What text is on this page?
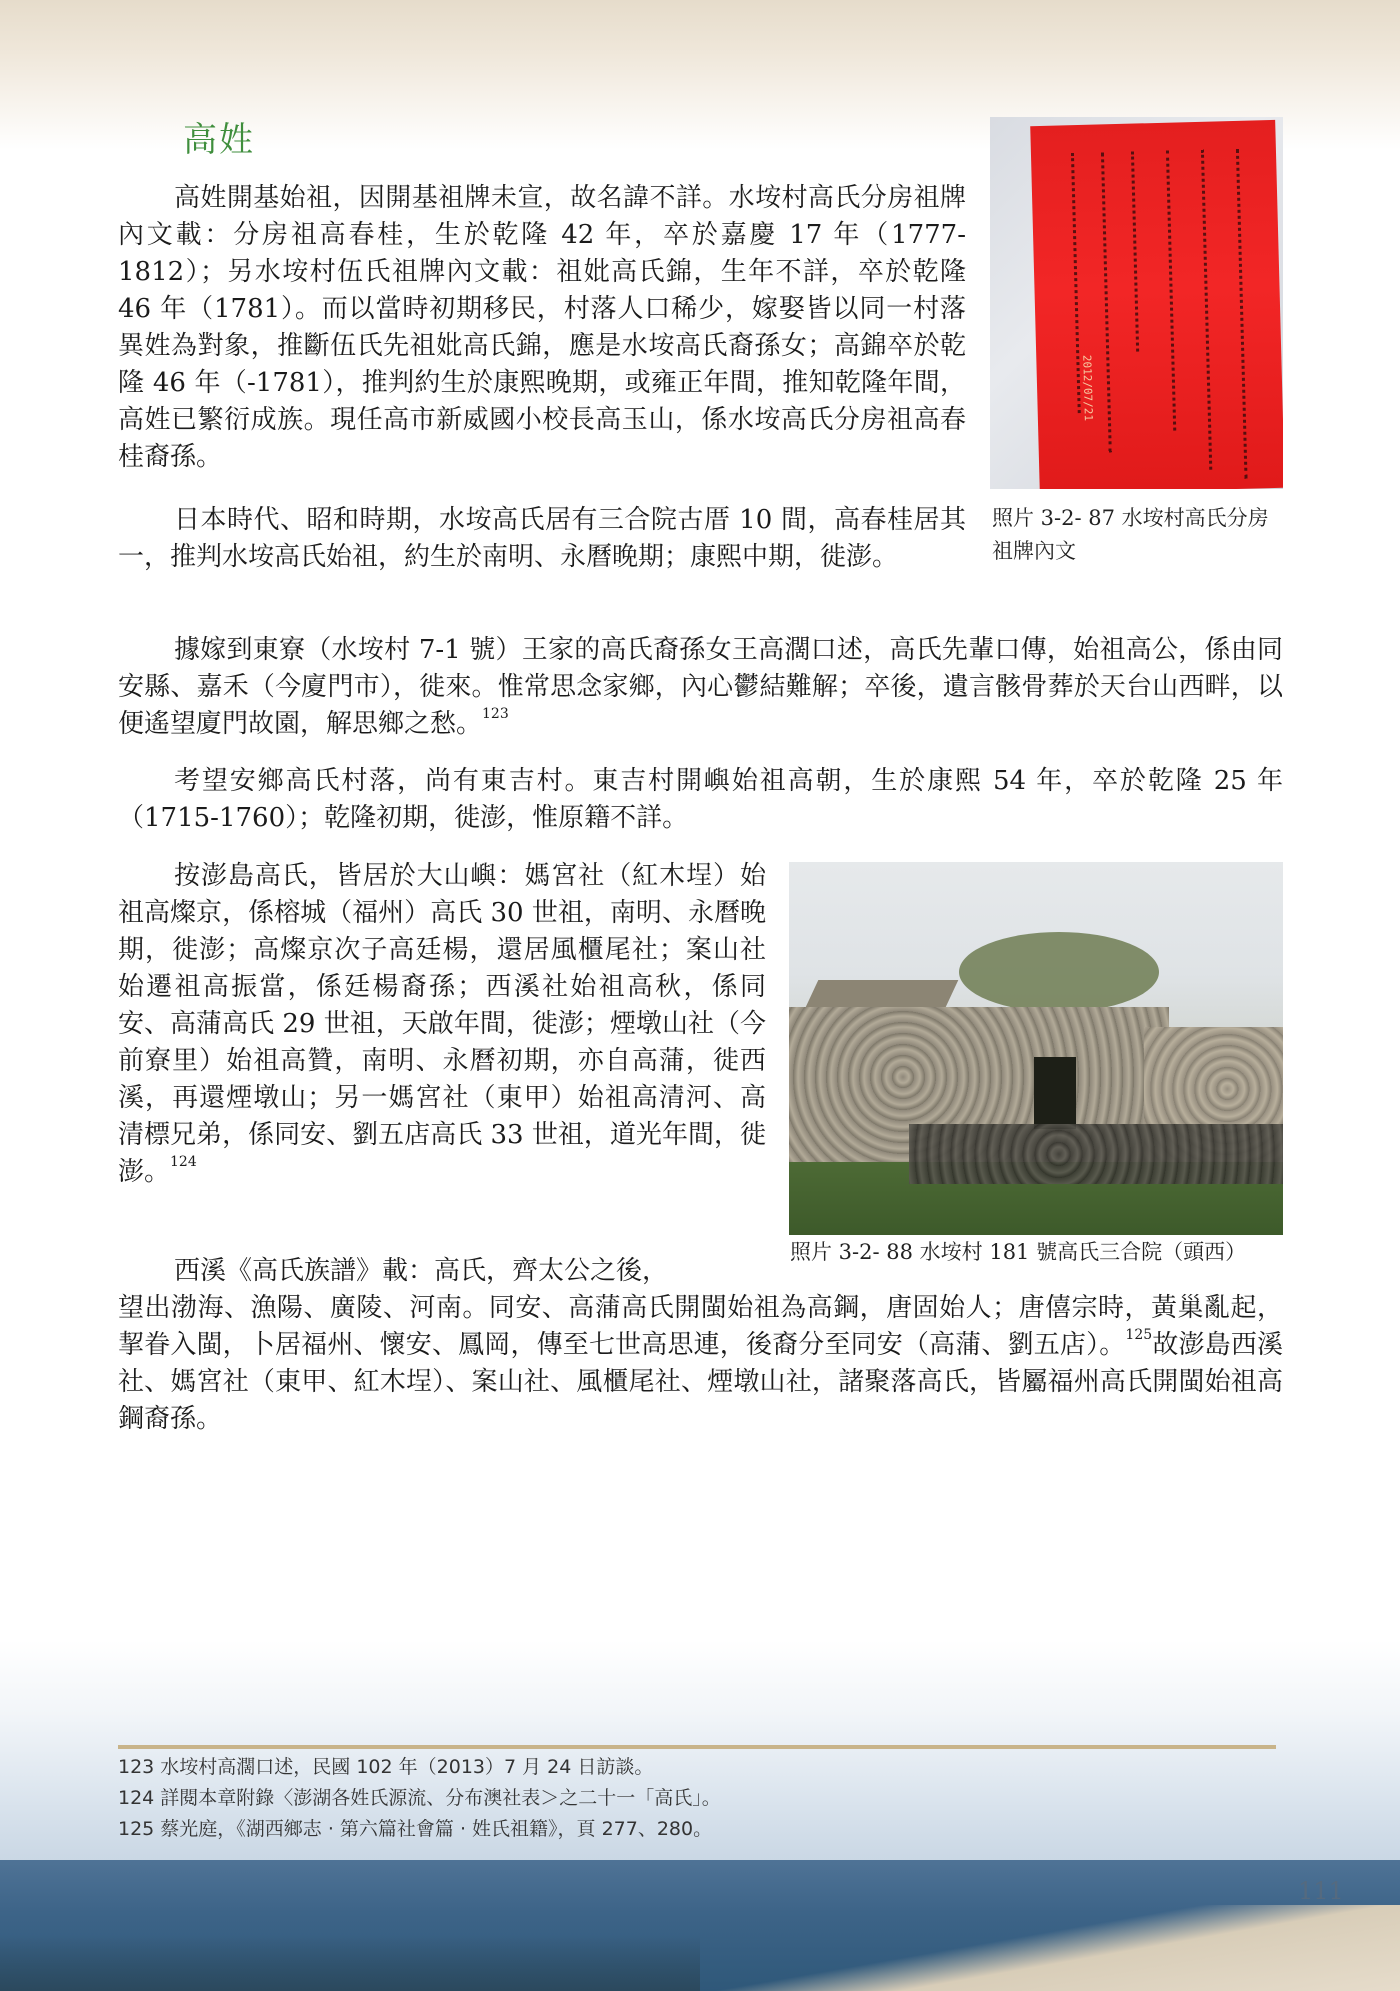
高姓

高姓開基始祖，因開基祖牌未宣，故名諱不詳。水垵村高氏分房祖牌內文載：分房祖高春桂，生於乾隆 42 年，卒於嘉慶 17 年（1777-1812）；另水垵村伍氏祖牌內文載：祖妣高氏錦，生年不詳，卒於乾隆 46 年（1781）。而以當時初期移民，村落人口稀少，嫁娶皆以同一村落異姓為對象，推斷伍氏先祖妣高氏錦，應是水垵高氏裔孫女；高錦卒於乾隆 46 年（-1781），推判約生於康熙晚期，或雍正年間，推知乾隆年間，高姓已繁衍成族。現任高市新威國小校長高玉山，係水垵高氏分房祖高春桂裔孫。

2012/07/21

照片 3-2- 87 水垵村高氏分房祖牌內文

日本時代、昭和時期，水垵高氏居有三合院古厝 10 間，高春桂居其一，推判水垵高氏始祖，約生於南明、永曆晚期；康熙中期，徙澎。

據嫁到東寮（水垵村 7-1 號）王家的高氏裔孫女王高濶口述，高氏先輩口傳，始祖高公，係由同安縣、嘉禾（今廈門市），徙來。惟常思念家鄉，內心鬱結難解；卒後，遺言骸骨葬於天台山西畔，以便遙望廈門故園，解思鄉之愁。$^{123}$

考望安鄉高氏村落，尚有東吉村。東吉村開嶼始祖高朝，生於康熙 54 年，卒於乾隆 25 年（1715-1760）；乾隆初期，徙澎，惟原籍不詳。

按澎島高氏，皆居於大山嶼：媽宮社（紅木埕）始祖高燦京，係榕城（福州）高氏 30 世祖，南明、永曆晚期，徙澎；高燦京次子高廷楊，還居風櫃尾社；案山社始遷祖高振當，係廷楊裔孫；西溪社始祖高秋，係同安、高蒲高氏 29 世祖，天啟年間，徙澎；煙墩山社（今前寮里）始祖高贊，南明、永曆初期，亦自高蒲，徙西溪，再還煙墩山；另一媽宮社（東甲）始祖高清河、高清標兄弟，係同安、劉五店高氏 33 世祖，道光年間，徙澎。$^{124}$

照片 3-2- 88 水垵村 181 號高氏三合院（頭西）

西溪《高氏族譜》載：高氏，齊太公之後，

望出渤海、漁陽、廣陵、河南。同安、高蒲高氏開閩始祖為高鋼，唐固始人；唐僖宗時，黃巢亂起，挈眷入閩，卜居福州、懷安、鳳岡，傳至七世高思連，後裔分至同安（高蒲、劉五店）。$^{125}$故澎島西溪社、媽宮社（東甲、紅木埕）、案山社、風櫃尾社、煙墩山社，諸聚落高氏，皆屬福州高氏開閩始祖高鋼裔孫。

123 水垵村高濶口述，民國 102 年（2013）7 月 24 日訪談。

124 詳閱本章附錄〈澎湖各姓氏源流、分布澳社表＞之二十一「高氏」。

125 蔡光庭，《湖西鄉志 ‧ 第六篇社會篇 ‧ 姓氏祖籍》，頁 277、280。

111
